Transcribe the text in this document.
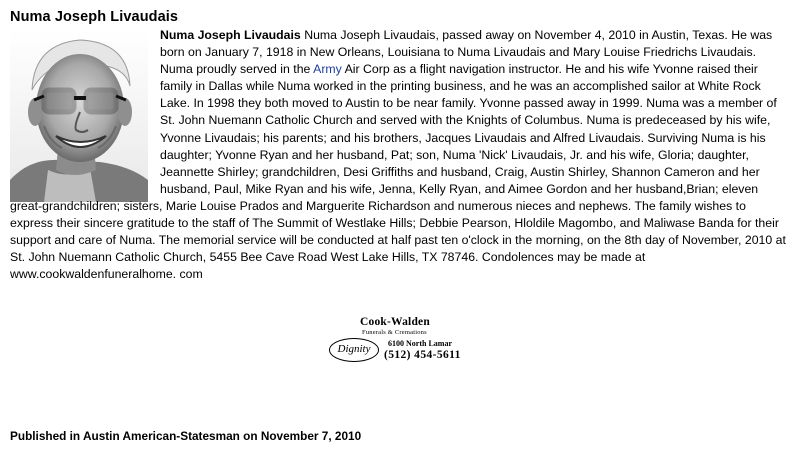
Numa Joseph Livaudais
Numa Joseph Livaudais Numa Joseph Livaudais, passed away on November 4, 2010 in Austin, Texas. He was born on January 7, 1918 in New Orleans, Louisiana to Numa Livaudais and Mary Louise Friedrichs Livaudais. Numa proudly served in the Army Air Corp as a flight navigation instructor. He and his wife Yvonne raised their family in Dallas while Numa worked in the printing business, and he was an accomplished sailor at White Rock Lake. In 1998 they both moved to Austin to be near family. Yvonne passed away in 1999. Numa was a member of St. John Nuemann Catholic Church and served with the Knights of Columbus. Numa is predeceased by his wife, Yvonne Livaudais; his parents; and his brothers, Jacques Livaudais and Alfred Livaudais. Surviving Numa is his daughter; Yvonne Ryan and her husband, Pat; son, Numa 'Nick' Livaudais, Jr. and his wife, Gloria; daughter, Jeannette Shirley; grandchildren, Desi Griffiths and husband, Craig, Austin Shirley, Shannon Cameron and her husband, Paul, Mike Ryan and his wife, Jenna, Kelly Ryan, and Aimee Gordon and her husband,Brian; eleven great-grandchildren; sisters, Marie Louise Prados and Marguerite Richardson and numerous nieces and nephews. The family wishes to express their sincere gratitude to the staff of The Summit of Westlake Hills; Debbie Pearson, Hloldile Magombo, and Maliwase Banda for their support and care of Numa. The memorial service will be conducted at half past ten o'clock in the morning, on the 8th day of November, 2010 at St. John Nuemann Catholic Church, 5455 Bee Cave Road West Lake Hills, TX 78746. Condolences may be made at www.cookwaldenfuneralhome. com
Cook-Walden
Funerals & Cremations
Dignity	6100 North Lamar
(512) 454-5611
Published in Austin American-Statesman on November 7, 2010
